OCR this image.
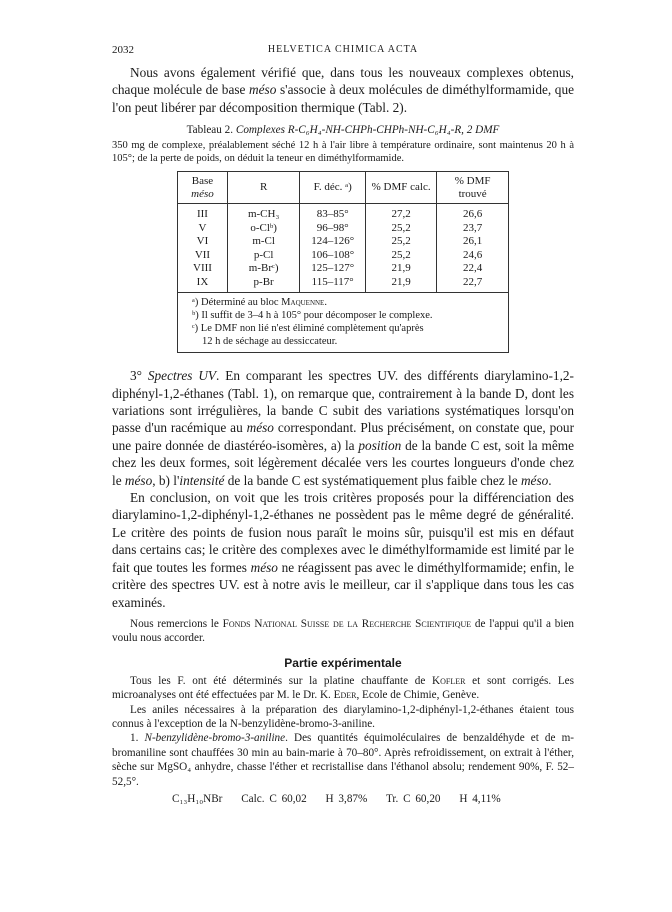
2032	HELVETICA CHIMICA ACTA

Nous avons également vérifié que, dans tous les nouveaux complexes obtenus, chaque molécule de base méso s'associe à deux molécules de diméthylformamide, que l'on peut libérer par décomposition thermique (Tabl. 2).

Tableau 2. Complexes R-C₆H₄-NH-CHPh-CHPh-NH-C₆H₄-R, 2 DMF

350 mg de complexe, préalablement séché 12 h à l'air libre à température ordinaire, sont maintenus 20 h à 105°; de la perte de poids, on déduit la teneur en diméthylformamide.

Base
méso	R	F. déc. ᵃ)	% DMF calc.	% DMF
trouvé
III	m-CH₃	83–85°	27,2	26,6
V	o-Clᵇ)	96–98°	25,2	23,7
VI	m-Cl	124–126°	25,2	26,1
VII	p-Cl	106–108°	25,2	24,6
VIII	m-Brᶜ)	125–127°	21,9	22,4
IX	p-Br	115–117°	21,9	22,7

ᵃ) Déterminé au bloc Maquenne.
ᵇ) Il suffit de 3–4 h à 105° pour décomposer le complexe.
ᶜ) Le DMF non lié n'est éliminé complètement qu'après
12 h de séchage au dessiccateur.				

3° Spectres UV. En comparant les spectres UV. des différents diarylamino-1,2-diphényl-1,2-éthanes (Tabl. 1), on remarque que, contrairement à la bande D, dont les variations sont irrégulières, la bande C subit des variations systématiques lorsqu'on passe d'un racémique au méso correspondant. Plus précisément, on constate que, pour une paire donnée de diastéréo-isomères, a) la position de la bande C est, soit la même chez les deux formes, soit légèrement décalée vers les courtes longueurs d'onde chez le méso, b) l'intensité de la bande C est systématiquement plus faible chez le méso.

En conclusion, on voit que les trois critères proposés pour la différenciation des diarylamino-1,2-diphényl-1,2-éthanes ne possèdent pas le même degré de généralité. Le critère des points de fusion nous paraît le moins sûr, puisqu'il est mis en défaut dans certains cas; le critère des complexes avec le diméthylformamide est limité par le fait que toutes les formes méso ne réagissent pas avec le diméthylformamide; enfin, le critère des spectres UV. est à notre avis le meilleur, car il s'applique dans tous les cas examinés.

Nous remercions le Fonds National Suisse de la Recherche Scientifique de l'appui qu'il a bien voulu nous accorder.

Partie expérimentale

Tous les F. ont été déterminés sur la platine chauffante de Kofler et sont corrigés. Les microanalyses ont été effectuées par M. le Dr. K. Eder, Ecole de Chimie, Genève.

Les aniles nécessaires à la préparation des diarylamino-1,2-diphényl-1,2-éthanes étaient tous connus à l'exception de la N-benzylidène-bromo-3-aniline.

1. N-benzylidène-bromo-3-aniline. Des quantités équimoléculaires de benzaldéhyde et de m-bromaniline sont chauffées 30 min au bain-marie à 70–80°. Après refroidissement, on extrait à l'éther, sèche sur MgSO₄ anhydre, chasse l'éther et recristallise dans l'éthanol absolu; rendement 90%, F. 52–52,5°.

C₁₃H₁₀NBr Calc. C 60,02 H 3,87% Tr. C 60,20 H 4,11%
